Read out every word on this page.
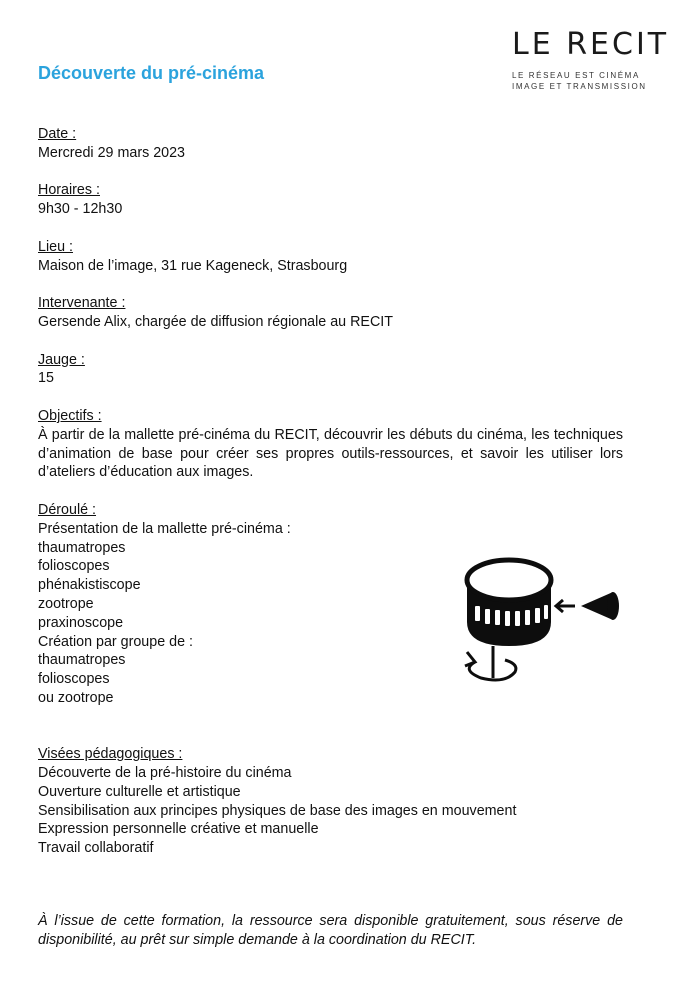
Découverte du pré-cinéma
LE RECIT
LE RÉSEAU EST CINÉMA
IMAGE ET TRANSMISSION
Date :
Mercredi 29 mars 2023
Horaires :
9h30 - 12h30
Lieu :
Maison de l’image, 31 rue Kageneck, Strasbourg
Intervenante :
Gersende Alix, chargée de diffusion régionale au RECIT
Jauge :
15
Objectifs :
À partir de la mallette pré-cinéma du RECIT, découvrir les débuts du cinéma, les techniques d’animation de base pour créer ses propres outils-ressources, et savoir les utiliser lors d’ateliers d’éducation aux images.
Déroulé :
Présentation de la mallette pré-cinéma :
thaumatropes
folioscopes
phénakistiscope
zootrope
praxinoscope
Création par groupe de :
thaumatropes
folioscopes
ou zootrope
Visées pédagogiques :
Découverte de la pré-histoire du cinéma
Ouverture culturelle et artistique
Sensibilisation aux principes physiques de base des images en mouvement
Expression personnelle créative et manuelle
Travail collaboratif
À l’issue de cette formation, la ressource sera disponible gratuitement, sous réserve de disponibilité, au prêt sur simple demande à la coordination du RECIT.
